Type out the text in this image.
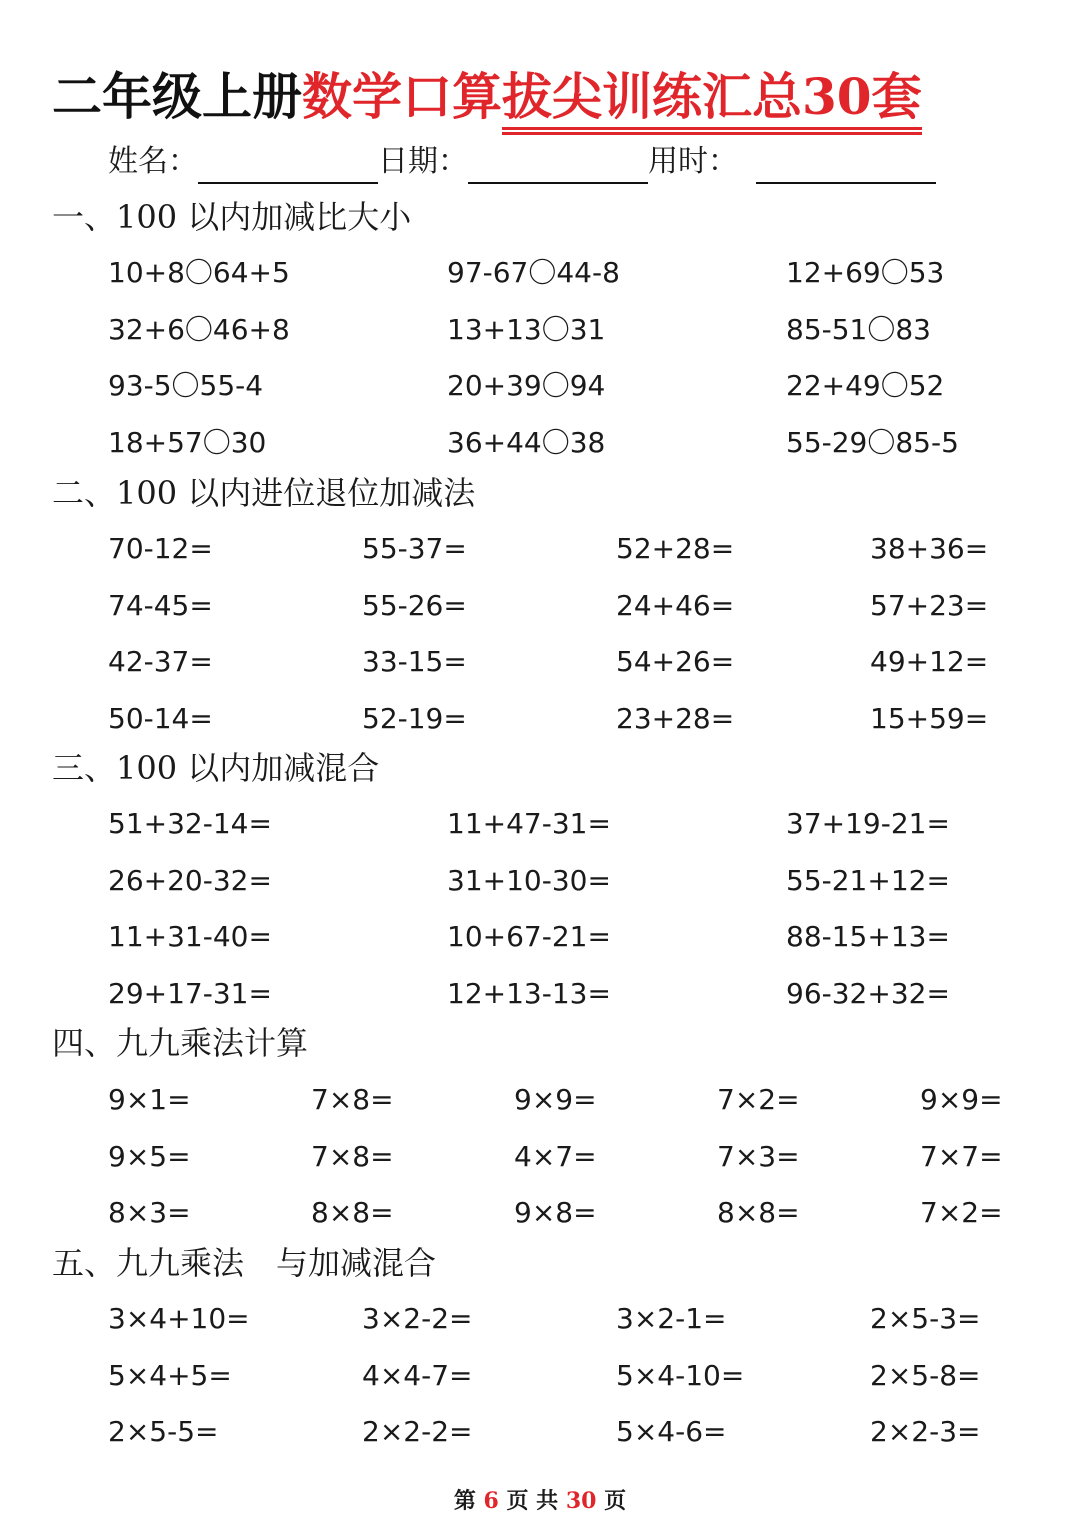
二年级上册数学口算拔尖训练汇总30套
姓名：	日期：	用时：
一、100 以内加减比大小
10+8〇64+5	97-67〇44-8	12+69〇53
32+6〇46+8	13+13〇31	85-51〇83
93-5〇55-4	20+39〇94	22+49〇52
18+57〇30	36+44〇38	55-29〇85-5
二、100 以内进位退位加减法
70-12=	55-37=	52+28=	38+36=
74-45=	55-26=	24+46=	57+23=
42-37=	33-15=	54+26=	49+12=
50-14=	52-19=	23+28=	15+59=
三、100 以内加减混合
51+32-14=	11+47-31=	37+19-21=
26+20-32=	31+10-30=	55-21+12=
11+31-40=	10+67-21=	88-15+13=
29+17-31=	12+13-13=	96-32+32=
四、九九乘法计算
9×1=	7×8=	9×9=	7×2=	9×9=
9×5=	7×8=	4×7=	7×3=	7×7=
8×3=	8×8=	9×8=	8×8=	7×2=
五、九九乘法　与加减混合
3×4+10=	3×2-2=	3×2-1=	2×5-3=
5×4+5=	4×4-7=	5×4-10=	2×5-8=
2×5-5=	2×2-2=	5×4-6=	2×2-3=
第 6 页 共 30 页
